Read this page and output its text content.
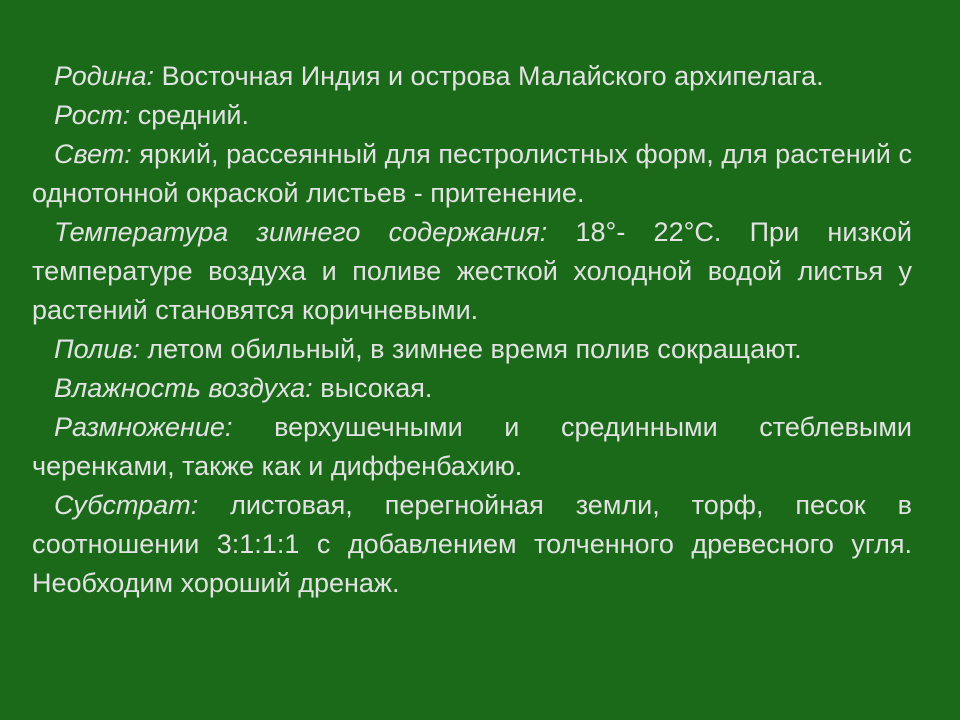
Родина: Восточная Индия и острова Малайского архипелага.

Рост: средний.

Свет: яркий, рассеянный для пестролистных форм, для растений с однотонной окраской листьев - притенение.

Температура зимнего содержания: 18°- 22°С. При низкой температуре воздуха и поливе жесткой холодной водой листья у растений становятся коричневыми.

Полив: летом обильный, в зимнее время полив сокращают.

Влажность воздуха: высокая.

Размножение: верхушечными и срединными стеблевыми черенками, также как и диффенбахию.

Субстрат: листовая, перегнойная земли, торф, песок в соотношении 3:1:1:1 с добавлением толченного древесного угля. Необходим хороший дренаж.
